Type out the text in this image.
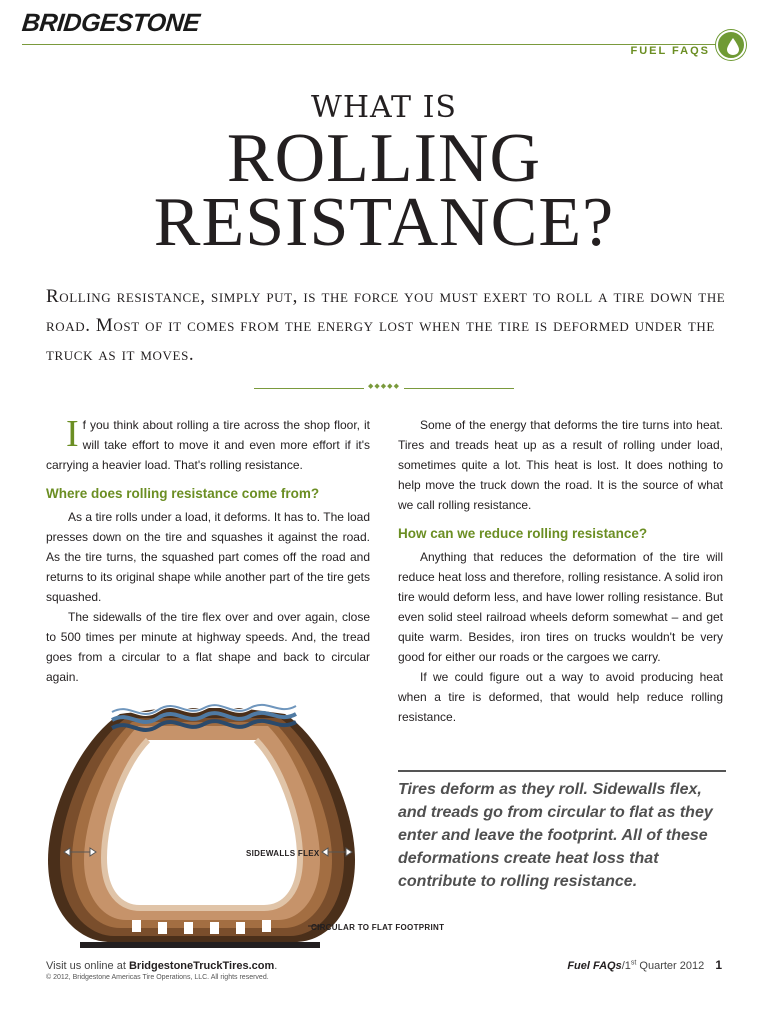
BRIDGESTONE
FUEL FAQS
WHAT IS
ROLLING
RESISTANCE?
Rolling resistance, simply put, is the force you must exert to roll a tire down the road. Most of it comes from the energy lost when the tire is deformed under the truck as it moves.
◆◆◆◆◆

If you think about rolling a tire across the shop floor, it will take effort to move it and even more effort if it's carrying a heavier load. That's rolling resistance.

Where does rolling resistance come from?

As a tire rolls under a load, it deforms. It has to. The load presses down on the tire and squashes it against the road. As the tire turns, the squashed part comes off the road and returns to its original shape while another part of the tire gets squashed.

The sidewalls of the tire flex over and over again, close to 500 times per minute at highway speeds. And, the tread goes from a circular to a flat shape and back to circular again.

Some of the energy that deforms the tire turns into heat. Tires and treads heat up as a result of rolling under load, sometimes quite a lot. This heat is lost. It does nothing to help move the truck down the road. It is the source of what we call rolling resistance.

How can we reduce rolling resistance?

Anything that reduces the deformation of the tire will reduce heat loss and therefore, rolling resistance. A solid iron tire would deform less, and have lower rolling resistance. But even solid steel railroad wheels deform somewhat – and get quite warm. Besides, iron tires on trucks wouldn't be very good for either our roads or the cargoes we carry.

If we could figure out a way to avoid producing heat when a tire is deformed, that would help reduce rolling resistance.

Tires deform as they roll. Sidewalls flex, and treads go from circular to flat as they enter and leave the footprint. All of these deformations create heat loss that contribute to rolling resistance.
SIDEWALLS FLEX
CIRCULAR TO FLAT FOOTPRINT
Visit us online at BridgestoneTruckTires.com.
© 2012, Bridgestone Americas Tire Operations, LLC. All rights reserved.
Fuel FAQs/1st Quarter 2012 1
